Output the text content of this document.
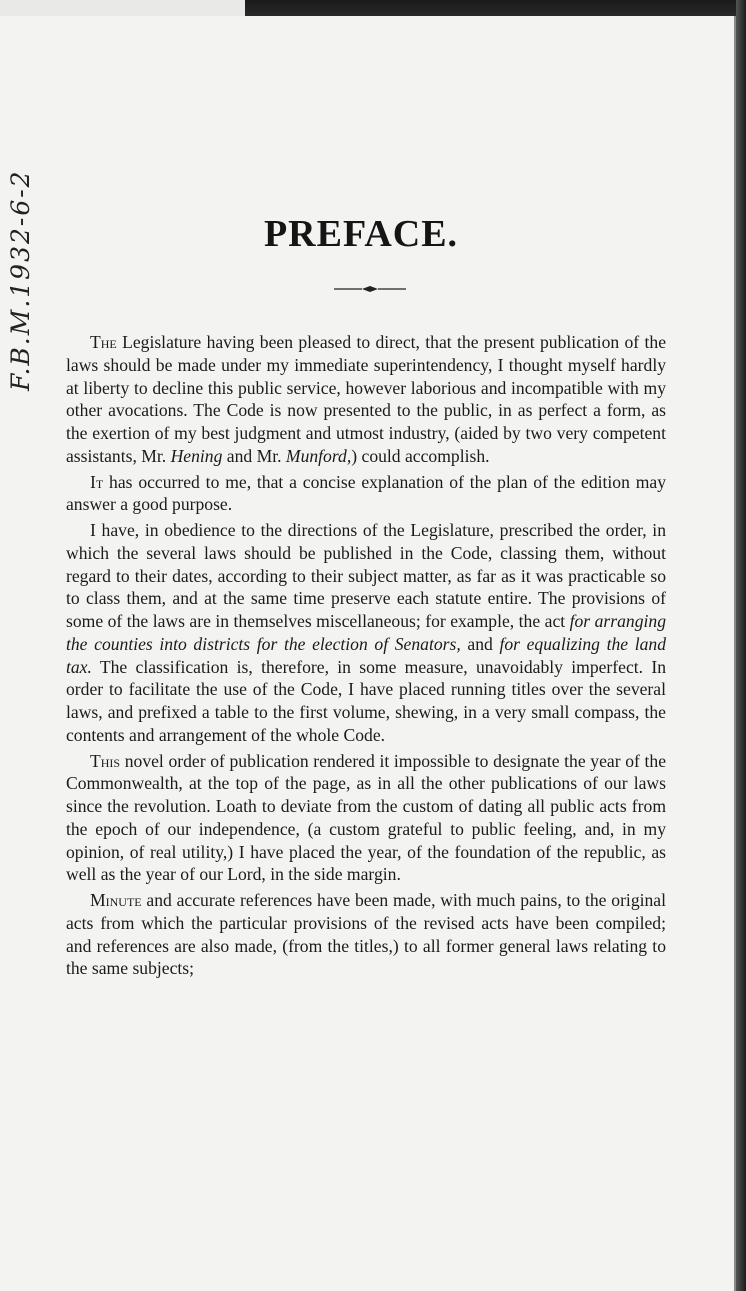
F.B.M.1932-6-2	PREFACE.

The Legislature having been pleased to direct, that the present publication of the laws should be made under my immediate superintendency, I thought myself hardly at liberty to decline this public service, however laborious and incompatible with my other avocations. The Code is now presented to the public, in as perfect a form, as the exertion of my best judgment and utmost industry, (aided by two very competent assistants, Mr. Hening and Mr. Munford,) could accomplish.

It has occurred to me, that a concise explanation of the plan of the edition may answer a good purpose.

I have, in obedience to the directions of the Legislature, prescribed the order, in which the several laws should be published in the Code, classing them, without regard to their dates, according to their subject matter, as far as it was practicable so to class them, and at the same time preserve each statute entire. The provisions of some of the laws are in themselves miscellaneous; for example, the act for arranging the counties into districts for the election of Senators, and for equalizing the land tax. The classification is, therefore, in some measure, unavoidably imperfect. In order to facilitate the use of the Code, I have placed running titles over the several laws, and prefixed a table to the first volume, shewing, in a very small compass, the contents and arrangement of the whole Code.

This novel order of publication rendered it impossible to designate the year of the Commonwealth, at the top of the page, as in all the other publications of our laws since the revolution. Loath to deviate from the custom of dating all public acts from the epoch of our independence, (a custom grateful to public feeling, and, in my opinion, of real utility,) I have placed the year, of the foundation of the republic, as well as the year of our Lord, in the side margin.

Minute and accurate references have been made, with much pains, to the original acts from which the particular provisions of the revised acts have been compiled; and references are also made, (from the titles,) to all former general laws relating to the same subjects;
